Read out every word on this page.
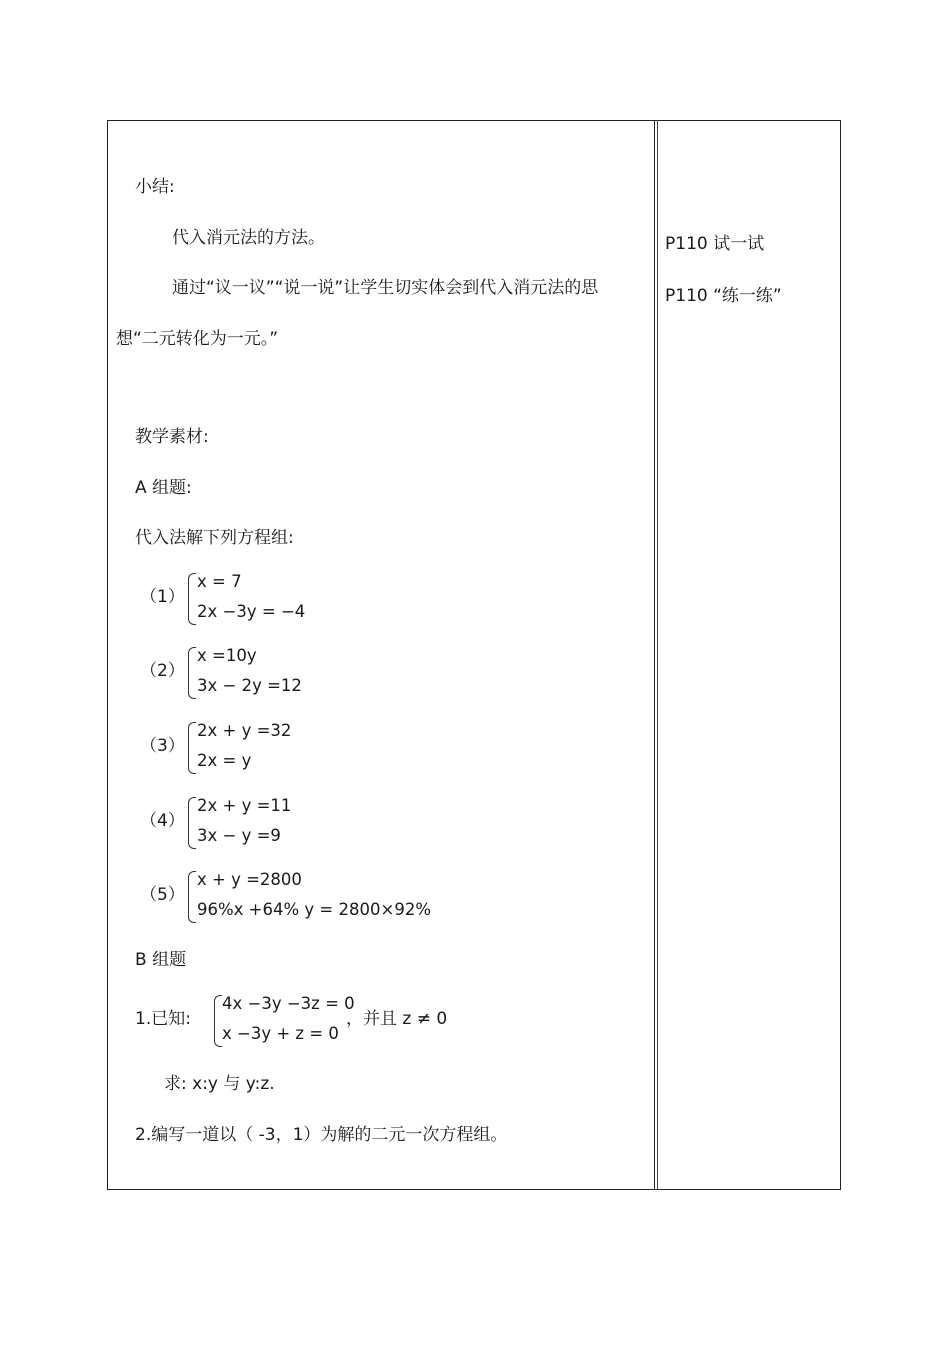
小结:
代入消元法的方法。
通过“议一议”“说一说”让学生切实体会到代入消元法的思
想“二元转化为一元。”
教学素材:
A 组题:
代入法解下列方程组:
（1）
x = 7
2x −3y = −4
（2）
x =10y
3x − 2y =12
（3）
2x + y =32
2x = y
（4）
2x + y =11
3x − y =9
（5）
x + y =2800
96%x +64% y = 2800×92%
B 组题
1.已知:
4x −3y −3z = 0
x −3y + z = 0
，并且 z ≠ 0
求: x:y 与 y:z.
2.编写一道以（ -3，1）为解的二元一次方程组。
P110 试一试
P110 “练一练”
